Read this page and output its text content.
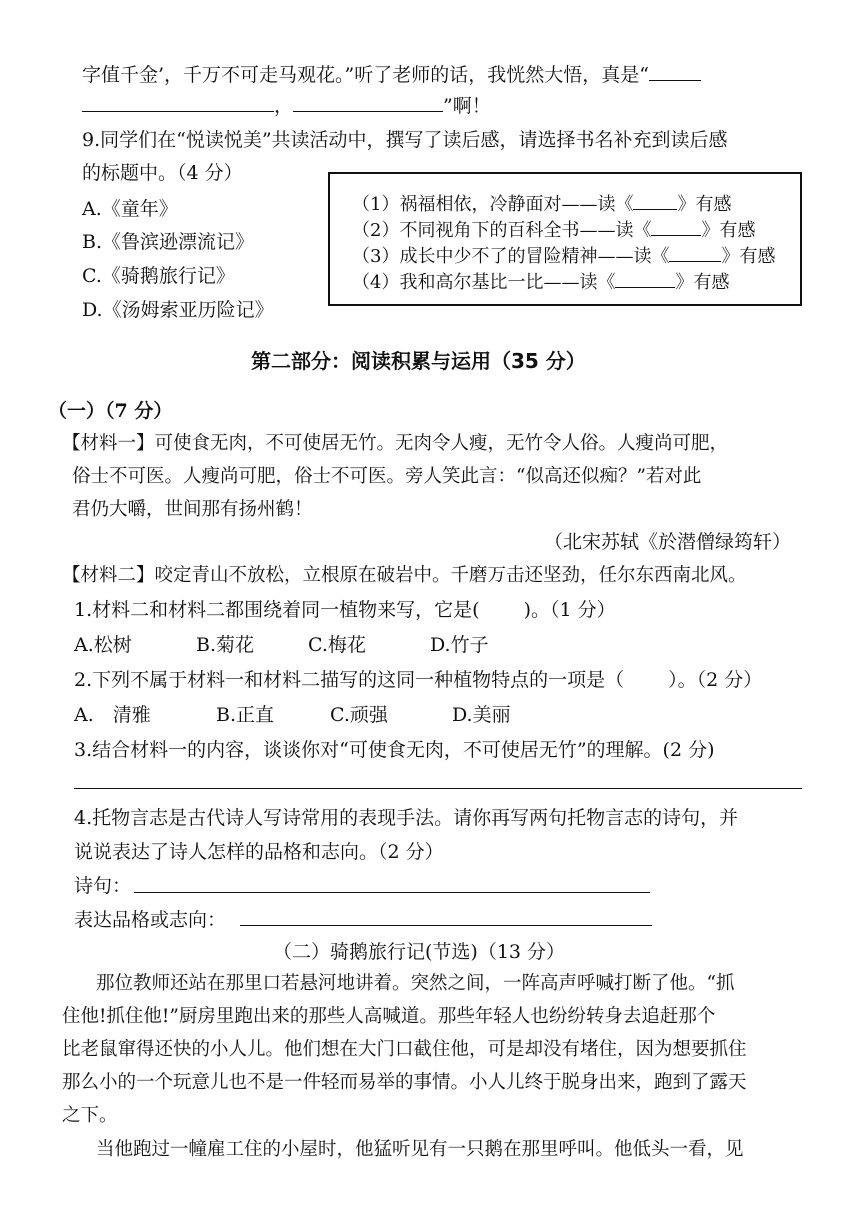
字值千金’，千万不可走马观花。”听了老师的话，我恍然大悟，真是“
，	”啊！
9.同学们在“悦读悦美”共读活动中，撰写了读后感，请选择书名补充到读后感
的标题中。（4 分）
A.《童年》
B.《鲁滨逊漂流记》
C.《骑鹅旅行记》
D.《汤姆索亚历险记》
（1）祸福相依，冷静面对——读《 》有感
（2）不同视角下的百科全书——读《	》有感
（3）成长中少不了的冒险精神——读《	》有感
（4）我和高尔基比一比——读《	》有感
第二部分：阅读积累与运用（35 分）
（一）（7 分）
【材料一】可使食无肉，不可使居无竹。无肉令人瘦，无竹令人俗。人瘦尚可肥，
俗士不可医。人瘦尚可肥，俗士不可医。旁人笑此言：“似高还似痴？”若对此
君仍大嚼，世间那有扬州鹤！
（北宋苏轼《於潜僧绿筠轩）
【材料二】咬定青山不放松，立根原在破岩中。千磨万击还坚劲，任尔东西南北风。
1.材料二和材料二都围绕着同一植物来写，它是(　　 )。（1 分）
A.松树	B.菊花	C.梅花	D.竹子
2.下列不属于材料一和材料二描写的这同一种植物特点的一项是（　　 ）。（2 分）
A.　清雅	B.正直	C.顽强	D.美丽
3.结合材料一的内容，谈谈你对“可使食无肉，不可使居无竹”的理解。(2 分)
4.托物言志是古代诗人写诗常用的表现手法。请你再写两句托物言志的诗句，并
说说表达了诗人怎样的品格和志向。（2 分）
诗句：
表达品格或志向：
（二）骑鹅旅行记(节选)（13 分）
那位教师还站在那里口若悬河地讲着。突然之间，一阵高声呼喊打断了他。“抓
住他!抓住他!”厨房里跑出来的那些人高喊道。那些年轻人也纷纷转身去追赶那个
比老鼠窜得还快的小人儿。他们想在大门口截住他，可是却没有堵住，因为想要抓住
那么小的一个玩意儿也不是一件轻而易举的事情。小人儿终于脱身出来，跑到了露天
之下。
当他跑过一幢雇工住的小屋时，他猛听见有一只鹅在那里呼叫。他低头一看，见
